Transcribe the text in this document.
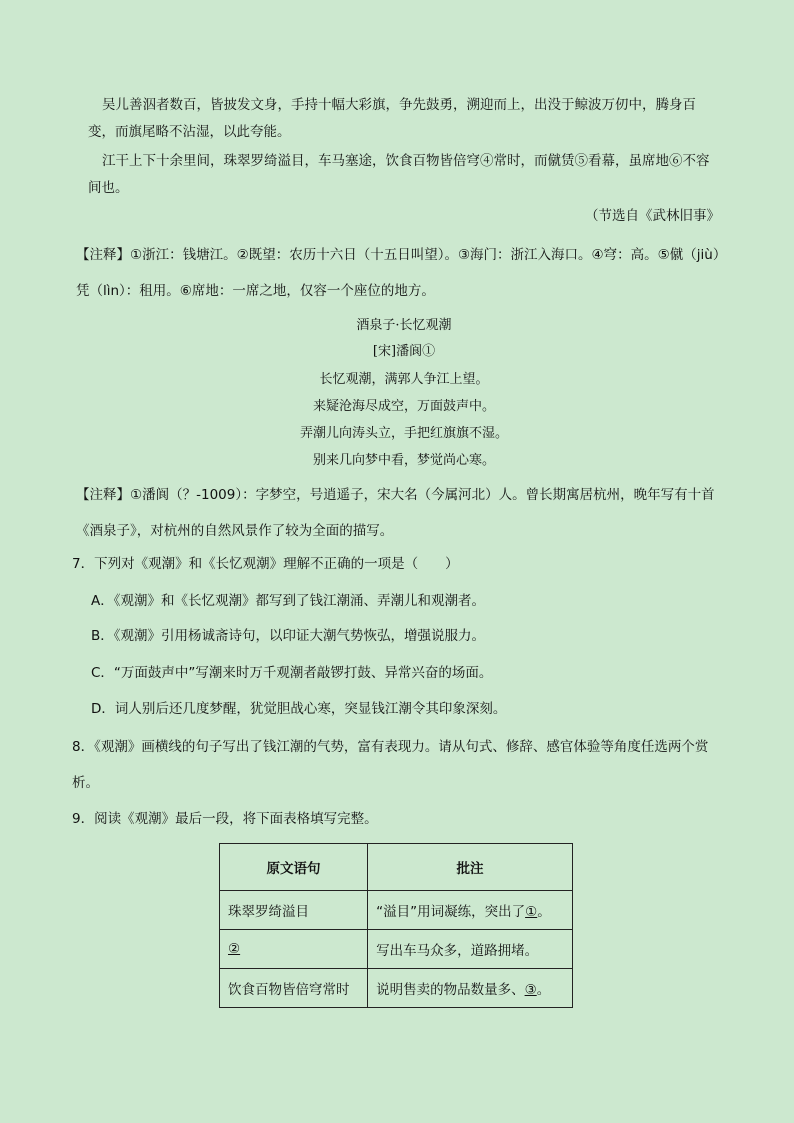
吴儿善泅者数百，皆披发文身，手持十幅大彩旗，争先鼓勇，溯迎而上，出没于鲸波万仞中，腾身百变，而旗尾略不沾湿，以此夸能。
江干上下十余里间，珠翠罗绮溢目，车马塞途，饮食百物皆倍穹④常时，而僦赁⑤看幕，虽席地⑥不容间也。
（节选自《武林旧事》
【注释】①浙江：钱塘江。②既望：农历十六日（十五日叫望）。③海门：浙江入海口。④穹：高。⑤僦（jiù）凭（lìn）：租用。⑥席地：一席之地，仅容一个座位的地方。
酒泉子·长忆观潮
[宋]潘阆①
长忆观潮，满郭人争江上望。
来疑沧海尽成空，万面鼓声中。
弄潮儿向涛头立，手把红旗旗不湿。
别来几向梦中看，梦觉尚心寒。
【注释】①潘阆（？-1009）：字梦空，号逍遥子，宋大名（今属河北）人。曾长期寓居杭州，晚年写有十首《酒泉子》，对杭州的自然风景作了较为全面的描写。
7．下列对《观潮》和《长忆观潮》理解不正确的一项是（　　）
A．《观潮》和《长忆观潮》都写到了钱江潮涌、弄潮儿和观潮者。
B．《观潮》引用杨诚斋诗句，以印证大潮气势恢弘，增强说服力。
C．“万面鼓声中”写潮来时万千观潮者敲锣打鼓、异常兴奋的场面。
D．词人别后还几度梦醒，犹觉胆战心寒，突显钱江潮令其印象深刻。
8．《观潮》画横线的句子写出了钱江潮的气势，富有表现力。请从句式、修辞、感官体验等角度任选两个赏析。
9．阅读《观潮》最后一段，将下面表格填写完整。
原文语句	批注
珠翠罗绮溢目	“溢目”用词凝练，突出了①。
②	写出车马众多，道路拥堵。
饮食百物皆倍穹常时	说明售卖的物品数量多、③。
